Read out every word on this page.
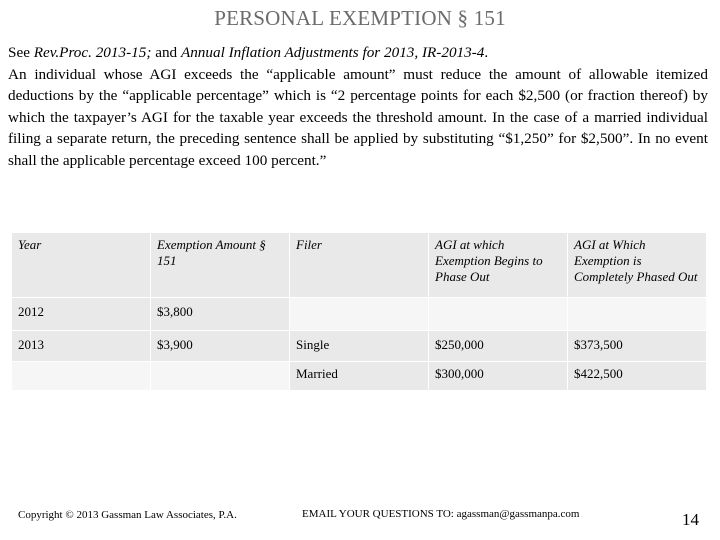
PERSONAL EXEMPTION § 151

See Rev.Proc. 2013-15; and Annual Inflation Adjustments for 2013, IR-2013-4.

An individual whose AGI exceeds the “applicable amount” must reduce the amount of allowable itemized deductions by the “applicable percentage” which is “2 percentage points for each $2,500 (or fraction thereof) by which the taxpayer’s AGI for the taxable year exceeds the threshold amount. In the case of a married individual filing a separate return, the preceding sentence shall be applied by substituting “$1,250” for $2,500”. In no event shall the applicable percentage exceed 100 percent.”

Year	Exemption Amount § 151	Filer	AGI at which Exemption Begins to Phase Out	AGI at Which Exemption is Completely Phased Out
2012	$3,800			
2013	$3,900	Single	$250,000	$373,500
		Married	$300,000	$422,500
Copyright © 2013 Gassman Law Associates, P.A.	EMAIL YOUR QUESTIONS TO: agassman@gassmanpa.com	14
